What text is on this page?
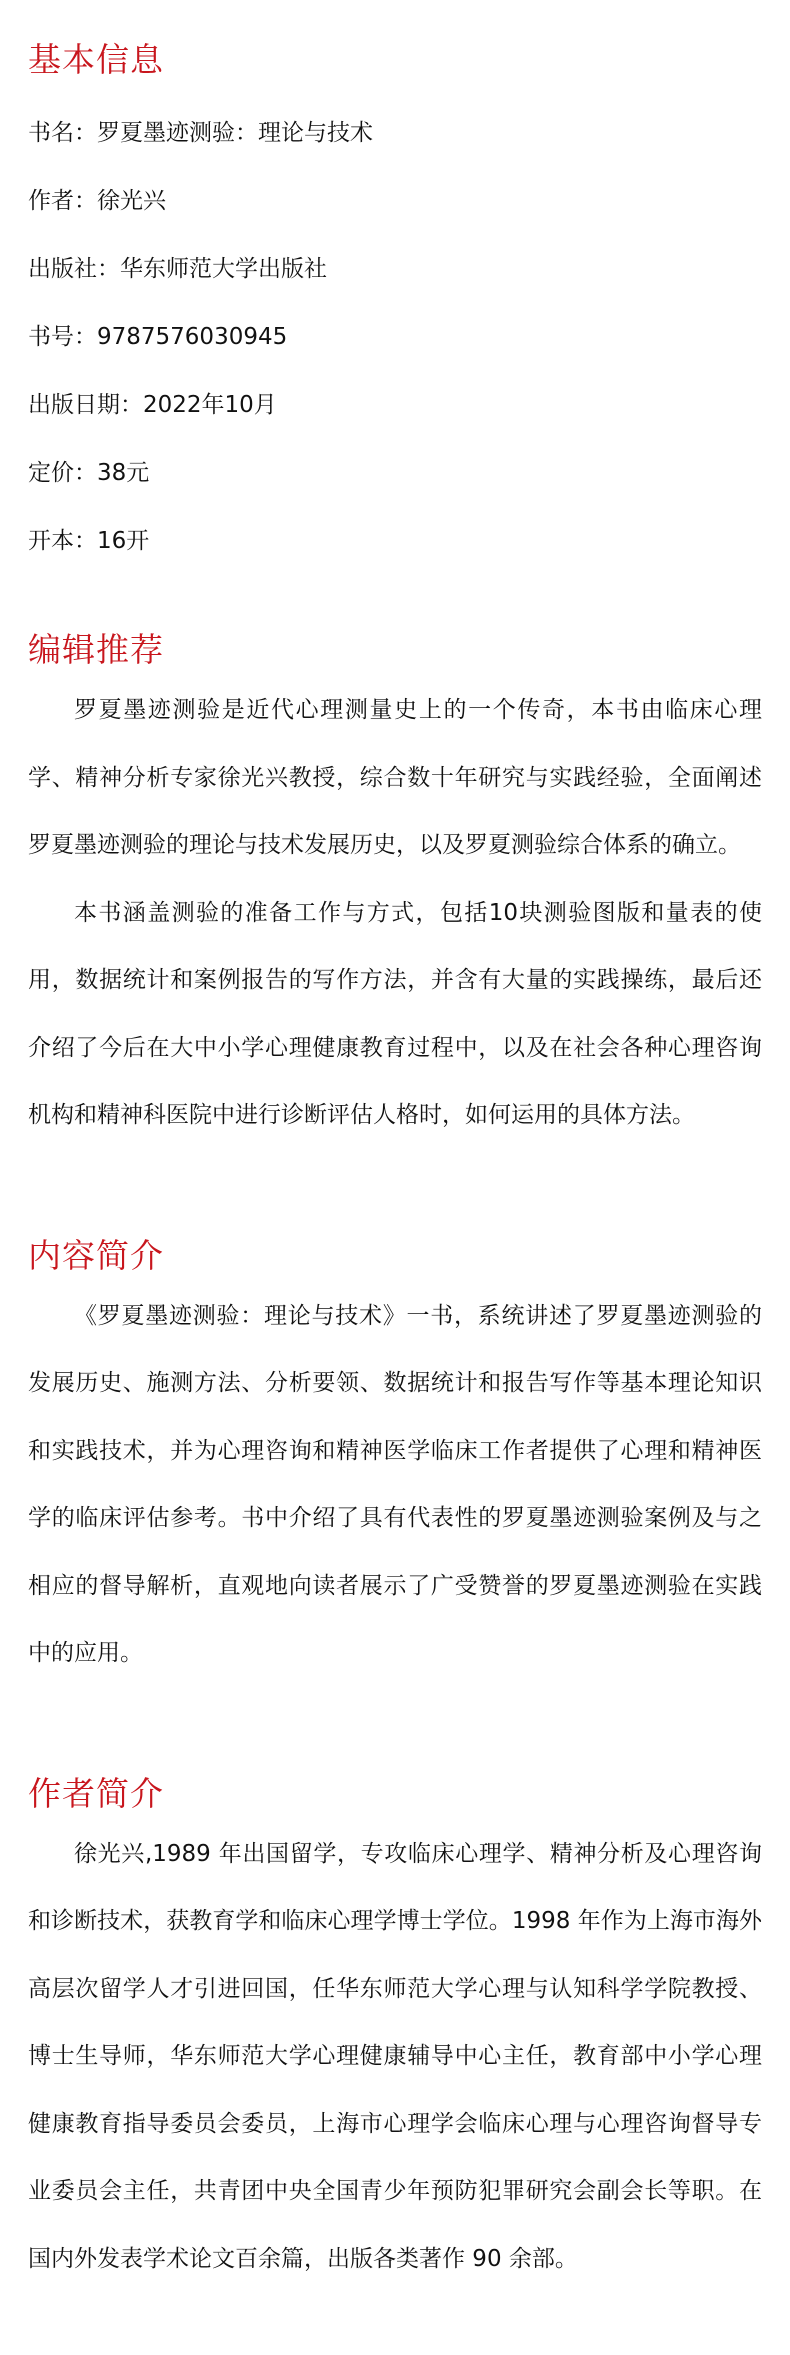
基本信息

书名：罗夏墨迹测验：理论与技术

作者：徐光兴

出版社：华东师范大学出版社

书号：9787576030945

出版日期：2022年10月

定价：38元

开本：16开

编辑推荐

罗夏墨迹测验是近代心理测量史上的一个传奇，本书由临床心理学、精神分析专家徐光兴教授，综合数十年研究与实践经验，全面阐述罗夏墨迹测验的理论与技术发展历史，以及罗夏测验综合体系的确立。

本书涵盖测验的准备工作与方式，包括10块测验图版和量表的使用，数据统计和案例报告的写作方法，并含有大量的实践操练，最后还介绍了今后在大中小学心理健康教育过程中，以及在社会各种心理咨询机构和精神科医院中进行诊断评估人格时，如何运用的具体方法。

内容简介

《罗夏墨迹测验：理论与技术》一书，系统讲述了罗夏墨迹测验的发展历史、施测方法、分析要领、数据统计和报告写作等基本理论知识和实践技术，并为心理咨询和精神医学临床工作者提供了心理和精神医学的临床评估参考。书中介绍了具有代表性的罗夏墨迹测验案例及与之相应的督导解析，直观地向读者展示了广受赞誉的罗夏墨迹测验在实践中的应用。

作者简介

徐光兴,1989 年出国留学，专攻临床心理学、精神分析及心理咨询和诊断技术，获教育学和临床心理学博士学位。1998 年作为上海市海外高层次留学人才引进回国，任华东师范大学心理与认知科学学院教授、博士生导师，华东师范大学心理健康辅导中心主任，教育部中小学心理健康教育指导委员会委员，上海市心理学会临床心理与心理咨询督导专业委员会主任，共青团中央全国青少年预防犯罪研究会副会长等职。在国内外发表学术论文百余篇，出版各类著作 90 余部。
